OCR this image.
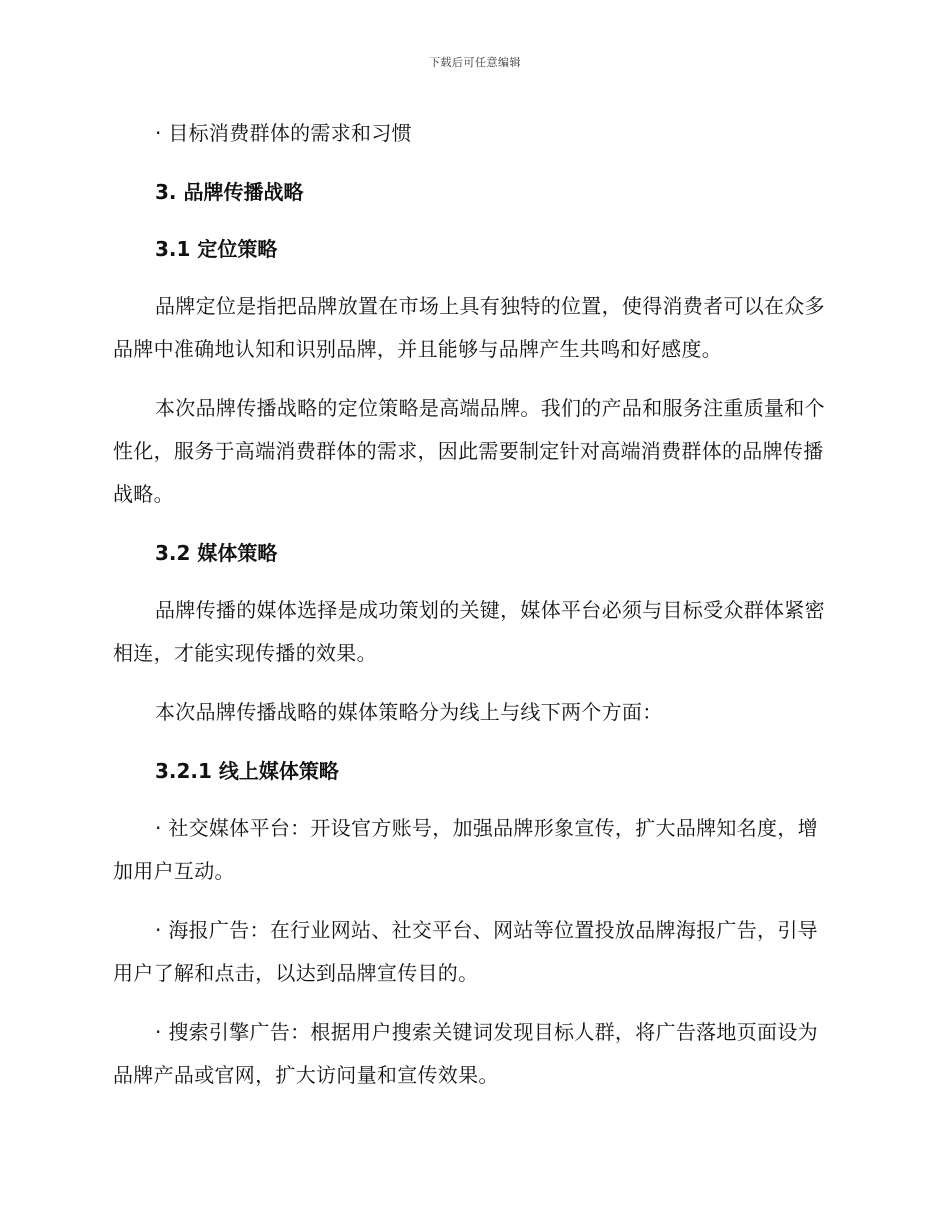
下载后可任意编辑

· 目标消费群体的需求和习惯

3. 品牌传播战略
3.1 定位策略

品牌定位是指把品牌放置在市场上具有独特的位置，使得消费者可以在众多品牌中准确地认知和识别品牌，并且能够与品牌产生共鸣和好感度。

本次品牌传播战略的定位策略是高端品牌。我们的产品和服务注重质量和个性化，服务于高端消费群体的需求，因此需要制定针对高端消费群体的品牌传播战略。

3.2 媒体策略

品牌传播的媒体选择是成功策划的关键，媒体平台必须与目标受众群体紧密相连，才能实现传播的效果。

本次品牌传播战略的媒体策略分为线上与线下两个方面：

3.2.1 线上媒体策略

· 社交媒体平台：开设官方账号，加强品牌形象宣传，扩大品牌知名度，增加用户互动。

· 海报广告：在行业网站、社交平台、网站等位置投放品牌海报广告，引导用户了解和点击，以达到品牌宣传目的。

· 搜索引擎广告：根据用户搜索关键词发现目标人群，将广告落地页面设为品牌产品或官网，扩大访问量和宣传效果。
